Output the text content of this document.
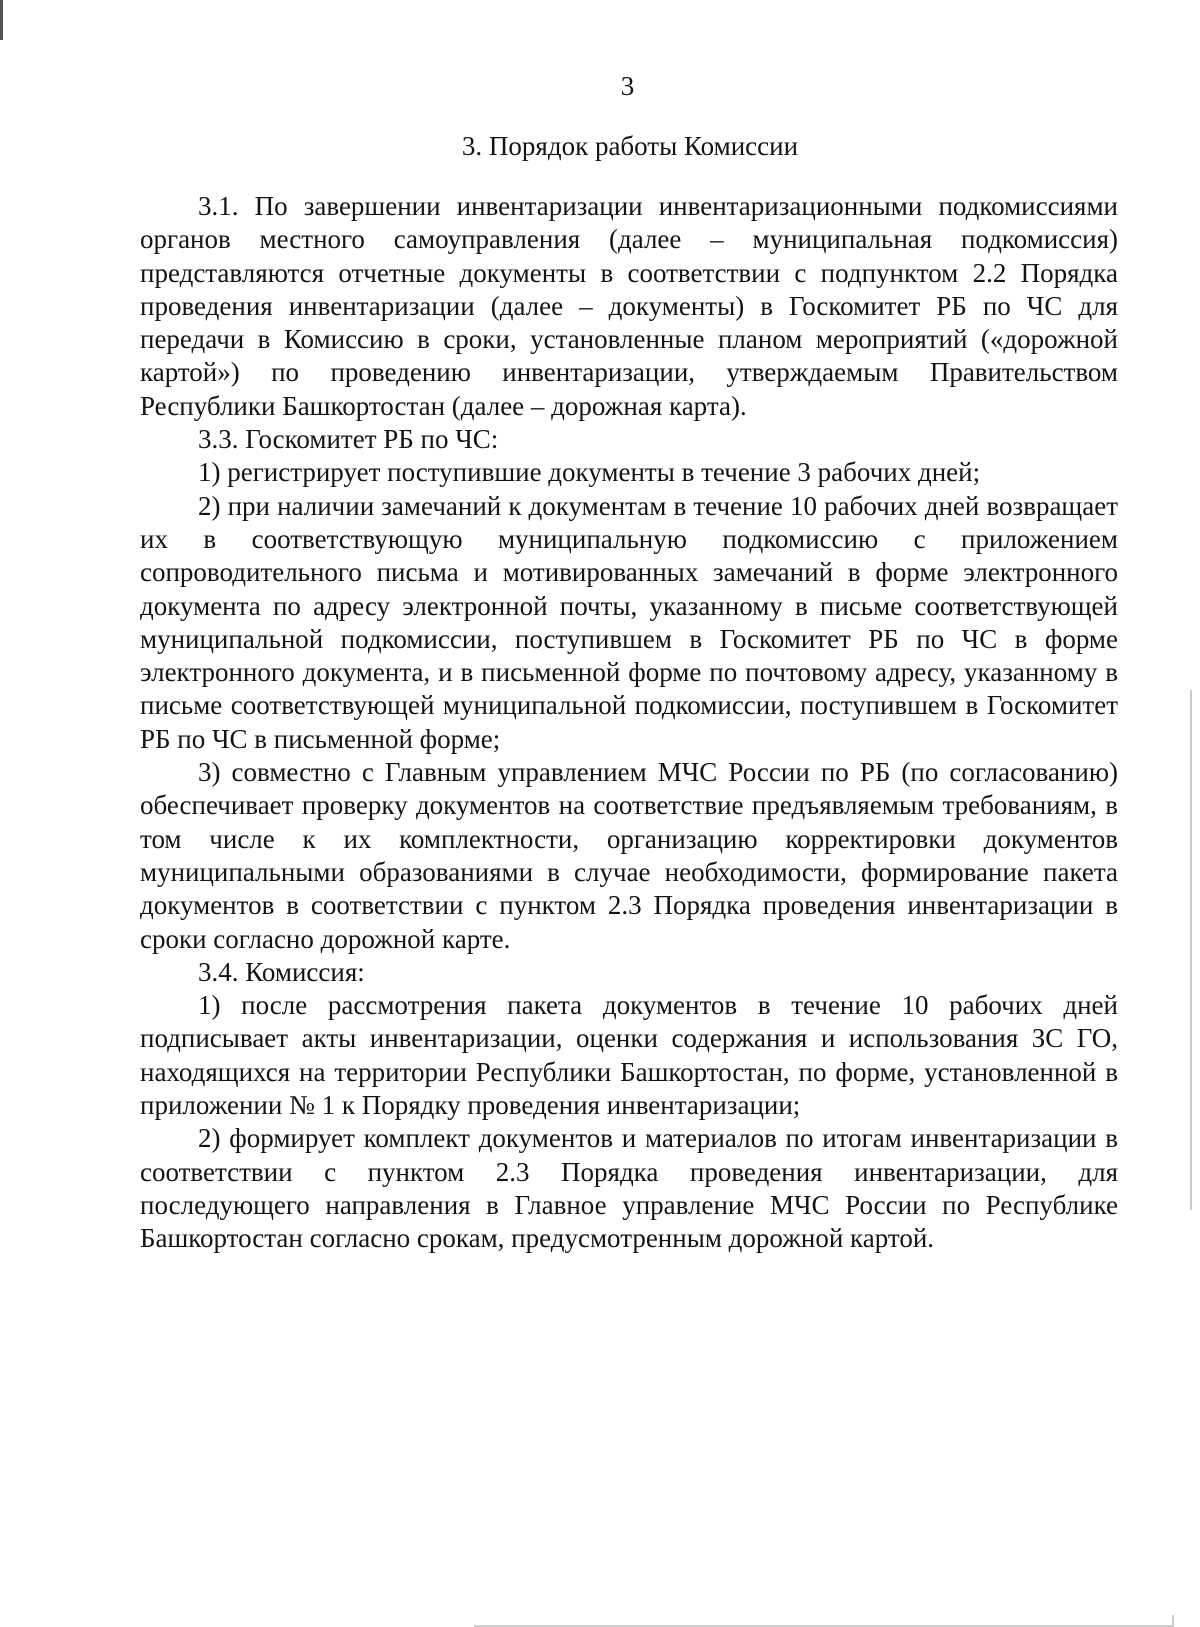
3
3. Порядок работы Комиссии

3.1. По завершении инвентаризации инвентаризационными подкомиссиями органов местного самоуправления (далее – муниципальная подкомиссия) представляются отчетные документы в соответствии с подпунктом 2.2 Порядка проведения инвентаризации (далее – документы) в Госкомитет РБ по ЧС для передачи в Комиссию в сроки, установленные планом мероприятий («дорожной картой») по проведению инвентаризации, утверждаемым Правительством Республики Башкортостан (далее – дорожная карта).

3.3. Госкомитет РБ по ЧС:

1) регистрирует поступившие документы в течение 3 рабочих дней;

2) при наличии замечаний к документам в течение 10 рабочих дней возвращает их в соответствующую муниципальную подкомиссию с приложением сопроводительного письма и мотивированных замечаний в форме электронного документа по адресу электронной почты, указанному в письме соответствующей муниципальной подкомиссии, поступившем в Госкомитет РБ по ЧС в форме электронного документа, и в письменной форме по почтовому адресу, указанному в письме соответствующей муниципальной подкомиссии, поступившем в Госкомитет РБ по ЧС в письменной форме;

3) совместно с Главным управлением МЧС России по РБ (по согласованию) обеспечивает проверку документов на соответствие предъявляемым требованиям, в том числе к их комплектности, организацию корректировки документов муниципальными образованиями в случае необходимости, формирование пакета документов в соответствии с пунктом 2.3 Порядка проведения инвентаризации в сроки согласно дорожной карте.

3.4. Комиссия:

1) после рассмотрения пакета документов в течение 10 рабочих дней подписывает акты инвентаризации, оценки содержания и использования ЗС ГО, находящихся на территории Республики Башкортостан, по форме, установленной в приложении № 1 к Порядку проведения инвентаризации;

2) формирует комплект документов и материалов по итогам инвентаризации в соответствии с пунктом 2.3 Порядка проведения инвентаризации, для последующего направления в Главное управление МЧС России по Республике Башкортостан согласно срокам, предусмотренным дорожной картой.
